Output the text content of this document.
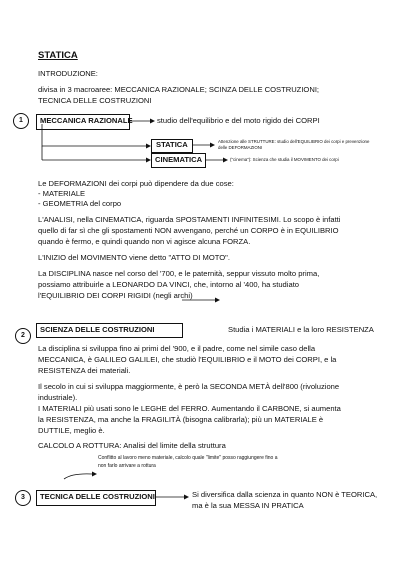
STATICA
INTRODUZIONE:
divisa in 3 macroaree: MECCANICA RAZIONALE; SCINZA DELLE COSTRUZIONI;
TECNICA DELLE COSTRUZIONI
1	MECCANICA RAZIONALE	studio dell'equilibrio e del moto rigido dei CORPI
STATICA	Attenzione alle STRUTTURE: studio dell'EQUILIBRIO dei corpi e prevenzione
delle DEFORMAZIONI
CINEMATICA	("cinema"): Scienza che studia il MOVIMENTO dei corpi
Le DEFORMAZIONI dei corpi può dipendere da due cose:
- MATERIALE
- GEOMETRIA del corpo
L'ANALISI, nella CINEMATICA, riguarda SPOSTAMENTI INFINITESIMI. Lo scopo è infatti
quello di far sì che gli spostamenti NON avvengano, perché un CORPO è in EQUILIBRIO
quando è fermo, e quindi quando non vi agisce alcuna FORZA.
L'INIZIO del MOVIMENTO viene detto "ATTO DI MOTO".
La DISCIPLINA nasce nel corso del '700, e le paternità, seppur vissuto molto prima,
possiamo attribuirle a LEONARDO DA VINCI, che, intorno al '400, ha studiato
l'EQUILIBRIO DEI CORPI RIGIDI (negli archi)
2
SCIENZA DELLE COSTRUZIONI	Studia i MATERIALI e la loro RESISTENZA
La disciplina si sviluppa fino ai primi del '900, e il padre, come nel simile caso della
MECCANICA, è GALILEO GALILEI, che studiò l'EQUILIBRIO e il MOTO dei CORPI, e la
RESISTENZA dei materiali.
Il secolo in cui si sviluppa maggiormente, è però la SECONDA METÀ dell'800 (rivoluzione
industriale).
I MATERIALI più usati sono le LEGHE del FERRO. Aumentando il CARBONE, si aumenta
la RESISTENZA, ma anche la FRAGILITÀ (bisogna calibrarla); più un MATERIALE è
DUTTILE, meglio è.
CALCOLO A ROTTURA: Analisi del limite della struttura
Conflitto al lavoro meno materiale, calcolo quale "limite" posso raggiungere fino a
non farlo arrivare a rottura
3	TECNICA DELLE COSTRUZIONI	Si diversifica dalla scienza in quanto NON è TEORICA,
ma è la sua MESSA IN PRATICA
